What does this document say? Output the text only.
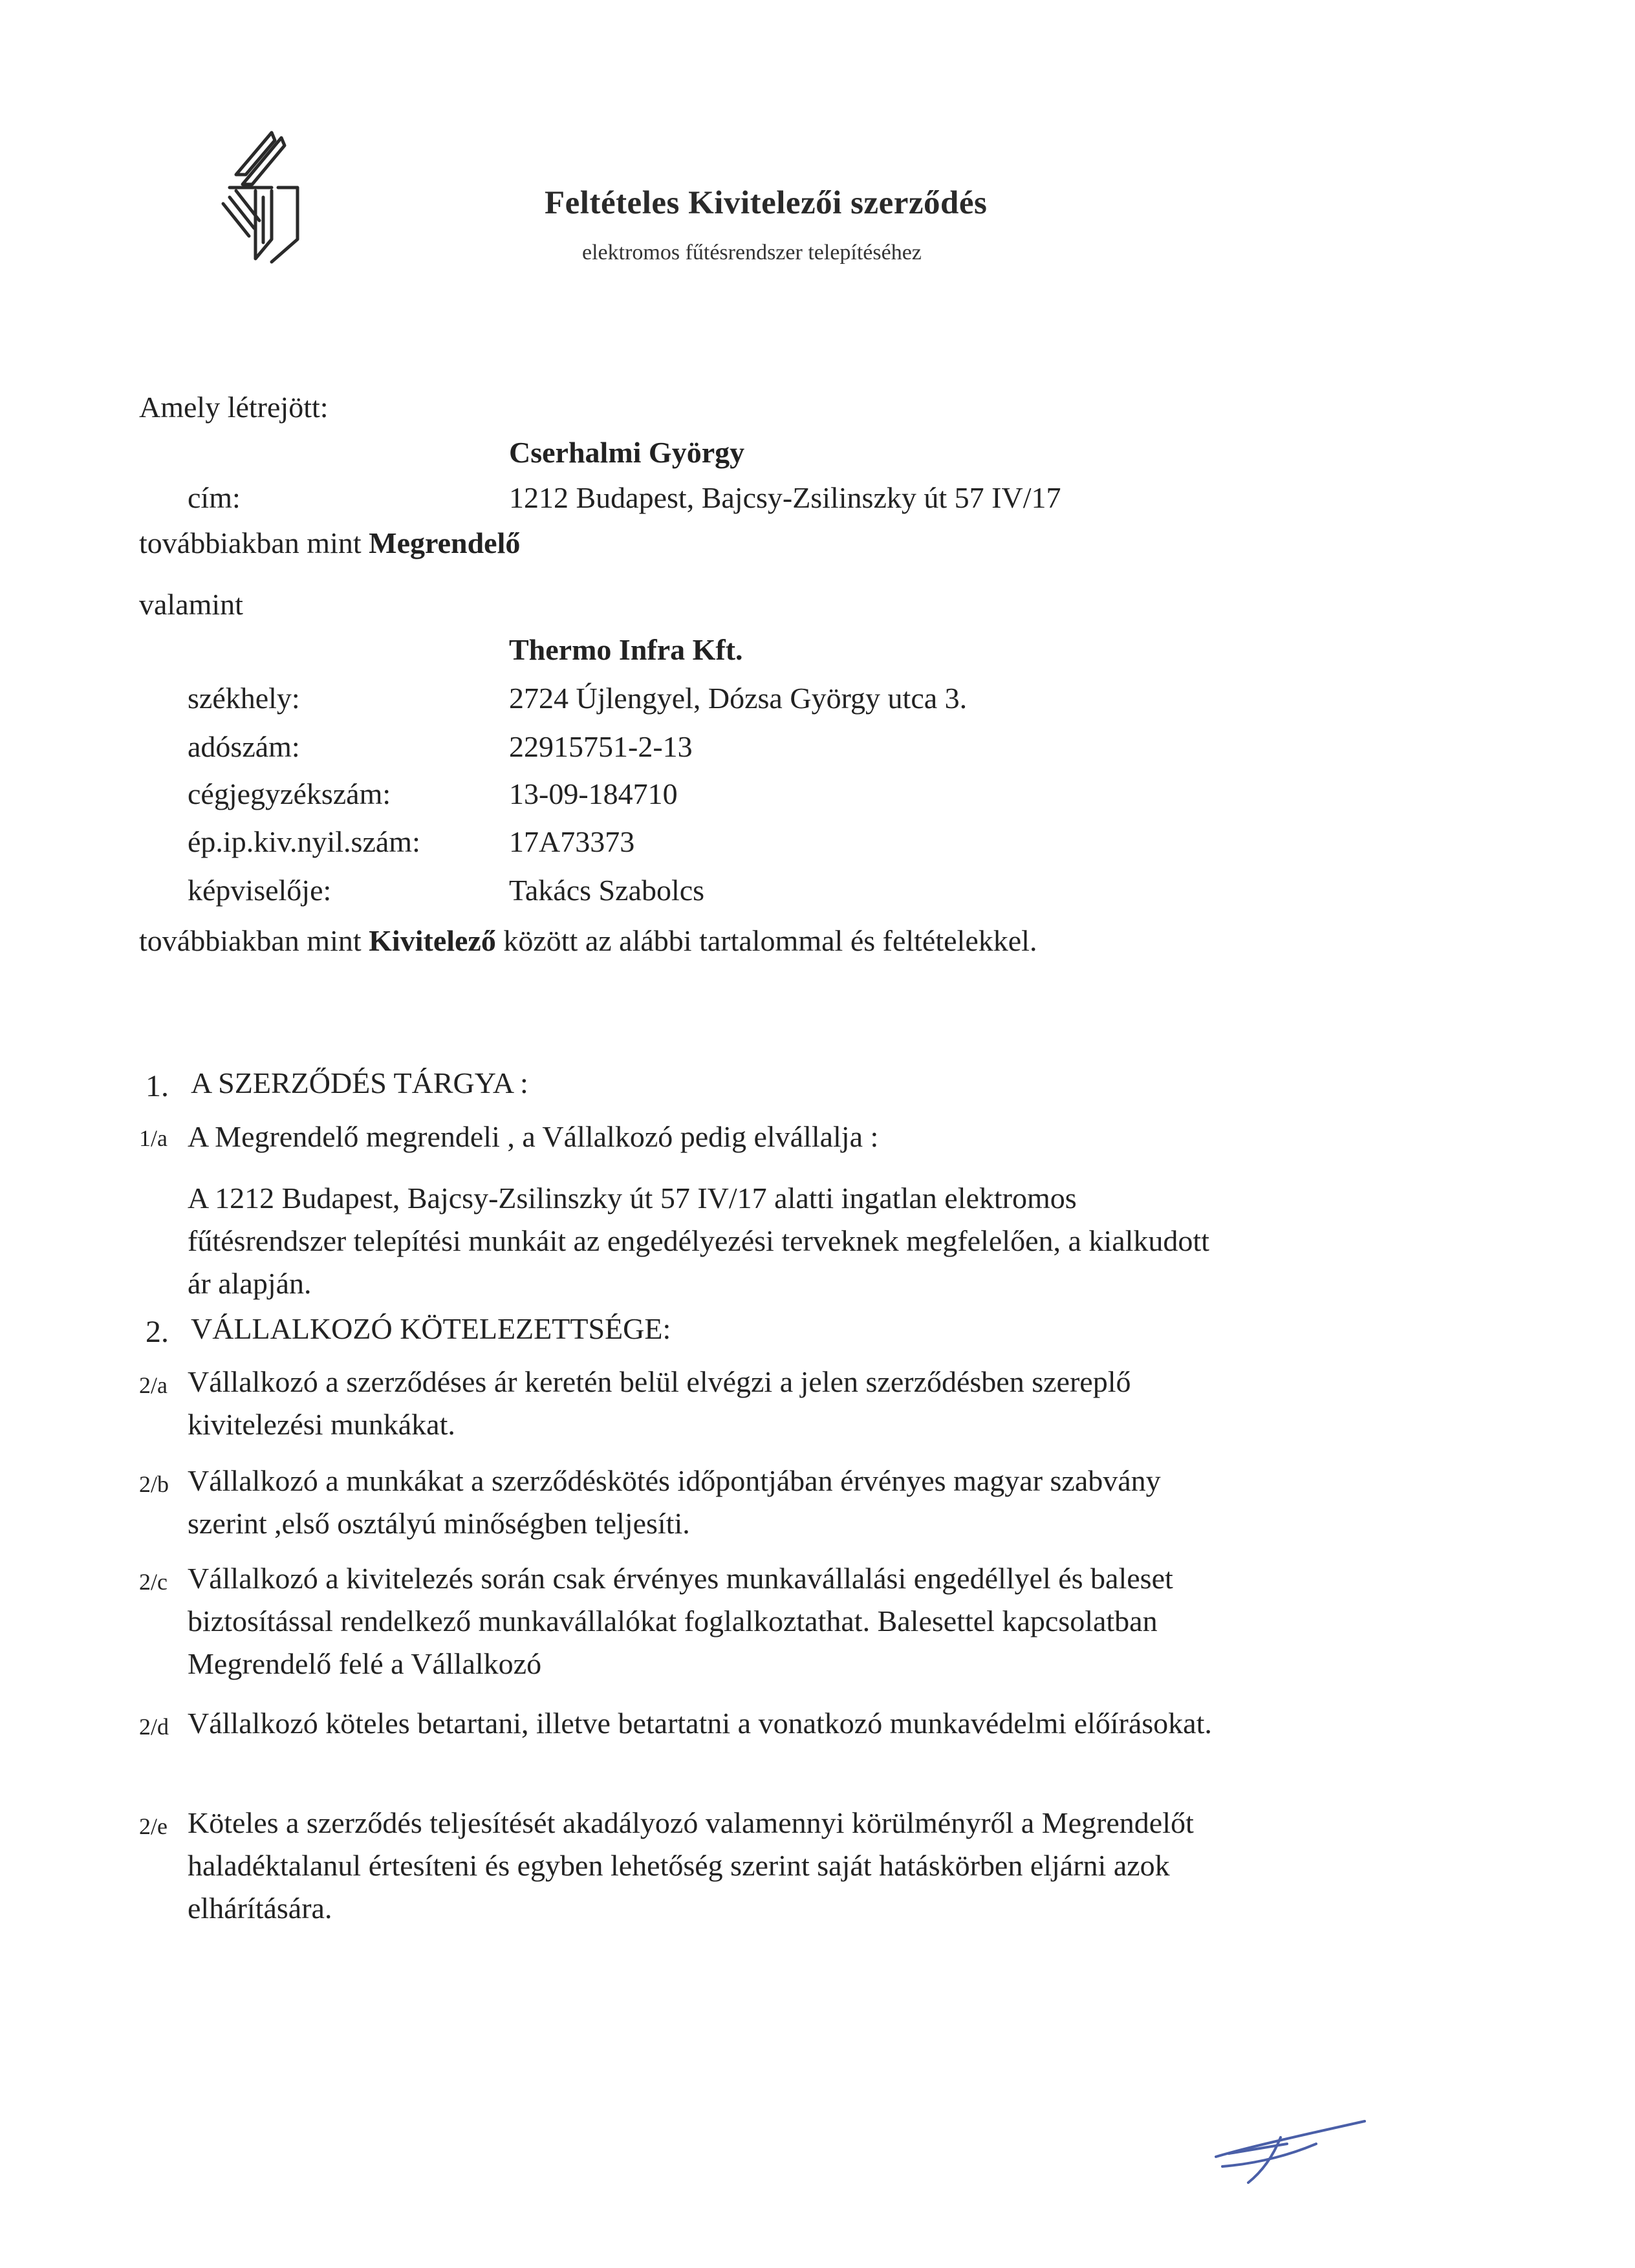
Feltételes Kivitelezői szerződés
elektromos fűtésrendszer telepítéséhez
Amely létrejött:
Cserhalmi György
cím:	1212 Budapest, Bajcsy-Zsilinszky út 57 IV/17
továbbiakban mint Megrendelő
valamint
Thermo Infra Kft.
székhely:	2724 Újlengyel, Dózsa György utca 3.
adószám:	22915751-2-13
cégjegyzékszám:	13-09-184710
ép.ip.kiv.nyil.szám:	17A73373
képviselője:	Takács Szabolcs
továbbiakban mint Kivitelező között az alábbi tartalommal és feltételekkel.
1. A SZERZŐDÉS TÁRGYA :
1/a A Megrendelő megrendeli , a Vállalkozó pedig elvállalja :
A 1212 Budapest, Bajcsy-Zsilinszky út 57 IV/17 alatti ingatlan elektromos
fűtésrendszer telepítési munkáit az engedélyezési terveknek megfelelően, a kialkudott
ár alapján.
2. VÁLLALKOZÓ KÖTELEZETTSÉGE:
2/a Vállalkozó a szerződéses ár keretén belül elvégzi a jelen szerződésben szereplő
kivitelezési munkákat.
2/b Vállalkozó a munkákat a szerződéskötés időpontjában érvényes magyar szabvány
szerint ,első osztályú minőségben teljesíti.
2/c Vállalkozó a kivitelezés során csak érvényes munkavállalási engedéllyel és baleset
biztosítással rendelkező munkavállalókat foglalkoztathat. Balesettel kapcsolatban
Megrendelő felé a Vállalkozó
2/d Vállalkozó köteles betartani, illetve betartatni a vonatkozó munkavédelmi előírásokat.
2/e Köteles a szerződés teljesítését akadályozó valamennyi körülményről a Megrendelőt
haladéktalanul értesíteni és egyben lehetőség szerint saját hatáskörben eljárni azok
elhárítására.
